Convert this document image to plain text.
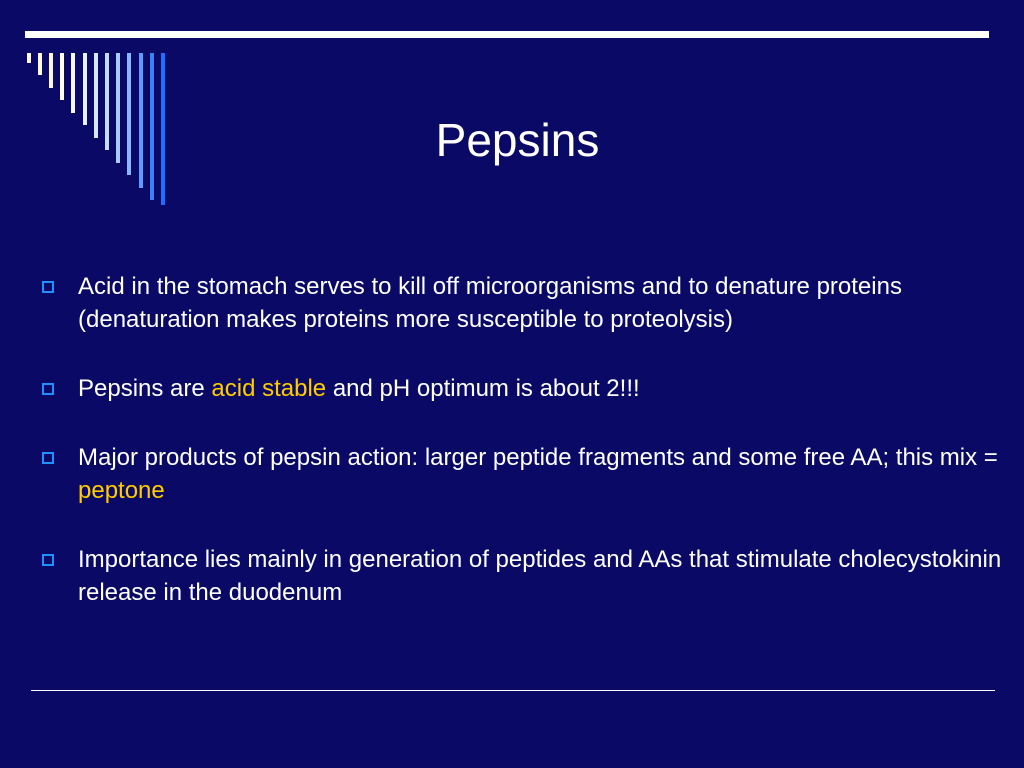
Pepsins
Acid in the stomach serves to kill off microorganisms and to denature proteins (denaturation makes proteins more susceptible to proteolysis)
Pepsins are acid stable and pH optimum is about 2!!!
Major products of pepsin action: larger peptide fragments and some free AA; this mix = peptone
Importance lies mainly in generation of peptides and AAs that stimulate cholecystokinin release in the duodenum
